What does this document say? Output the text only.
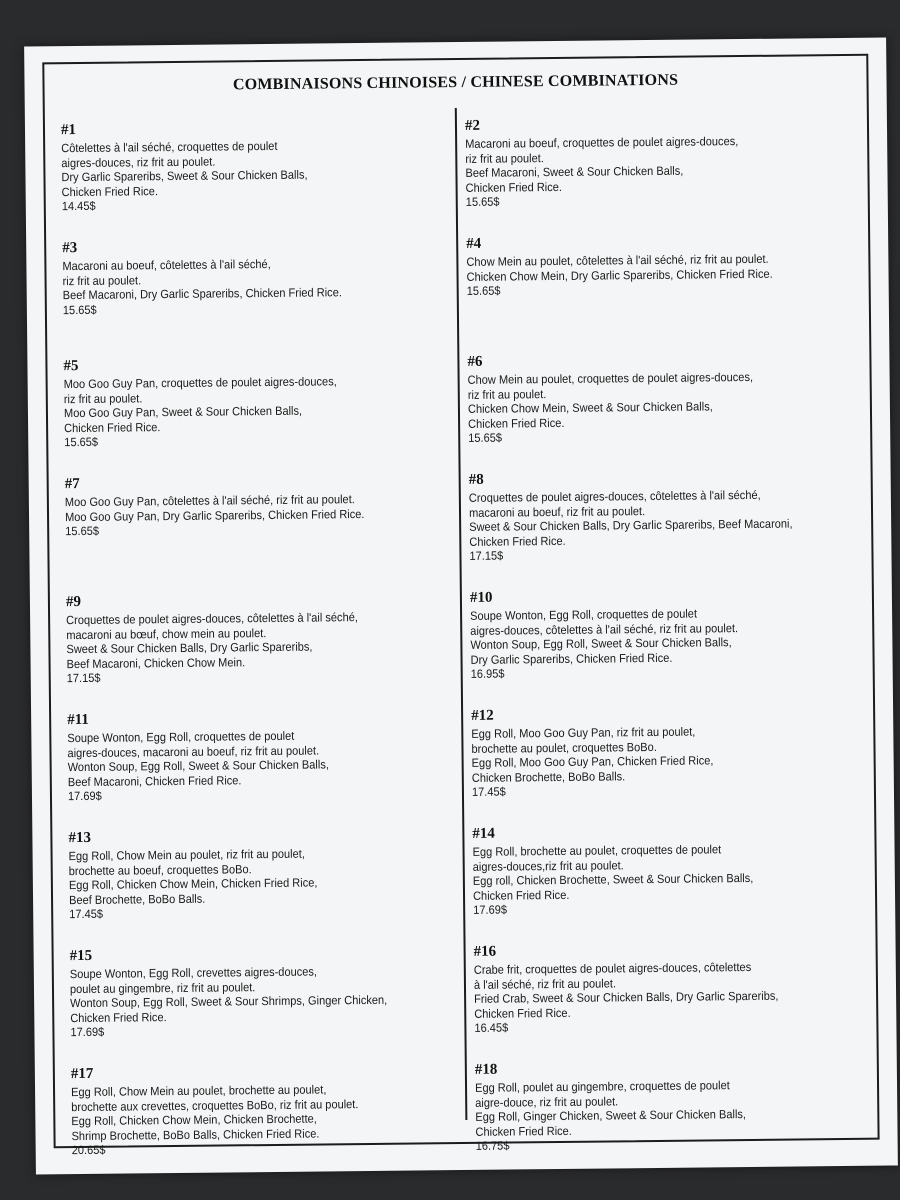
COMBINAISONS CHINOISES / CHINESE COMBINATIONS
#1
Côtelettes à l'ail séché, croquettes de poulet
aigres-douces, riz frit au poulet.
Dry Garlic Spareribs, Sweet & Sour Chicken Balls,
Chicken Fried Rice.
14.45$
#3
Macaroni au boeuf, côtelettes à l'ail séché,
riz frit au poulet.
Beef Macaroni, Dry Garlic Spareribs, Chicken Fried Rice.
15.65$
#5
Moo Goo Guy Pan, croquettes de poulet aigres-douces,
riz frit au poulet.
Moo Goo Guy Pan, Sweet & Sour Chicken Balls,
Chicken Fried Rice.
15.65$
#7
Moo Goo Guy Pan, côtelettes à l'ail séché, riz frit au poulet.
Moo Goo Guy Pan, Dry Garlic Spareribs, Chicken Fried Rice.
15.65$
#9
Croquettes de poulet aigres-douces, côtelettes à l'ail séché,
macaroni au bœuf, chow mein au poulet.
Sweet & Sour Chicken Balls, Dry Garlic Spareribs,
Beef Macaroni, Chicken Chow Mein.
17.15$
#11
Soupe Wonton, Egg Roll, croquettes de poulet
aigres-douces, macaroni au boeuf, riz frit au poulet.
Wonton Soup, Egg Roll, Sweet & Sour Chicken Balls,
Beef Macaroni, Chicken Fried Rice.
17.69$
#13
Egg Roll, Chow Mein au poulet, riz frit au poulet,
brochette au boeuf, croquettes BoBo.
Egg Roll, Chicken Chow Mein, Chicken Fried Rice,
Beef Brochette, BoBo Balls.
17.45$
#15
Soupe Wonton, Egg Roll, crevettes aigres-douces,
poulet au gingembre, riz frit au poulet.
Wonton Soup, Egg Roll, Sweet & Sour Shrimps, Ginger Chicken,
Chicken Fried Rice.
17.69$
#17
Egg Roll, Chow Mein au poulet, brochette au poulet,
brochette aux crevettes, croquettes BoBo, riz frit au poulet.
Egg Roll, Chicken Chow Mein, Chicken Brochette,
Shrimp Brochette, BoBo Balls, Chicken Fried Rice.
20.65$
#2
Macaroni au boeuf, croquettes de poulet aigres-douces,
riz frit au poulet.
Beef Macaroni, Sweet & Sour Chicken Balls,
Chicken Fried Rice.
15.65$
#4
Chow Mein au poulet, côtelettes à l'ail séché, riz frit au poulet.
Chicken Chow Mein, Dry Garlic Spareribs, Chicken Fried Rice.
15.65$
#6
Chow Mein au poulet, croquettes de poulet aigres-douces,
riz frit au poulet.
Chicken Chow Mein, Sweet & Sour Chicken Balls,
Chicken Fried Rice.
15.65$
#8
Croquettes de poulet aigres-douces, côtelettes à l'ail séché,
macaroni au boeuf, riz frit au poulet.
Sweet & Sour Chicken Balls, Dry Garlic Spareribs, Beef Macaroni,
Chicken Fried Rice.
17.15$
#10
Soupe Wonton, Egg Roll, croquettes de poulet
aigres-douces, côtelettes à l'ail séché, riz frit au poulet.
Wonton Soup, Egg Roll, Sweet & Sour Chicken Balls,
Dry Garlic Spareribs, Chicken Fried Rice.
16.95$
#12
Egg Roll, Moo Goo Guy Pan, riz frit au poulet,
brochette au poulet, croquettes BoBo.
Egg Roll, Moo Goo Guy Pan, Chicken Fried Rice,
Chicken Brochette, BoBo Balls.
17.45$
#14
Egg Roll, brochette au poulet, croquettes de poulet
aigres-douces,riz frit au poulet.
Egg roll, Chicken Brochette, Sweet & Sour Chicken Balls,
Chicken Fried Rice.
17.69$
#16
Crabe frit, croquettes de poulet aigres-douces, côtelettes
à l'ail séché, riz frit au poulet.
Fried Crab, Sweet & Sour Chicken Balls, Dry Garlic Spareribs,
Chicken Fried Rice.
16.45$
#18
Egg Roll, poulet au gingembre, croquettes de poulet
aigre-douce, riz frit au poulet.
Egg Roll, Ginger Chicken, Sweet & Sour Chicken Balls,
Chicken Fried Rice.
16.75$
